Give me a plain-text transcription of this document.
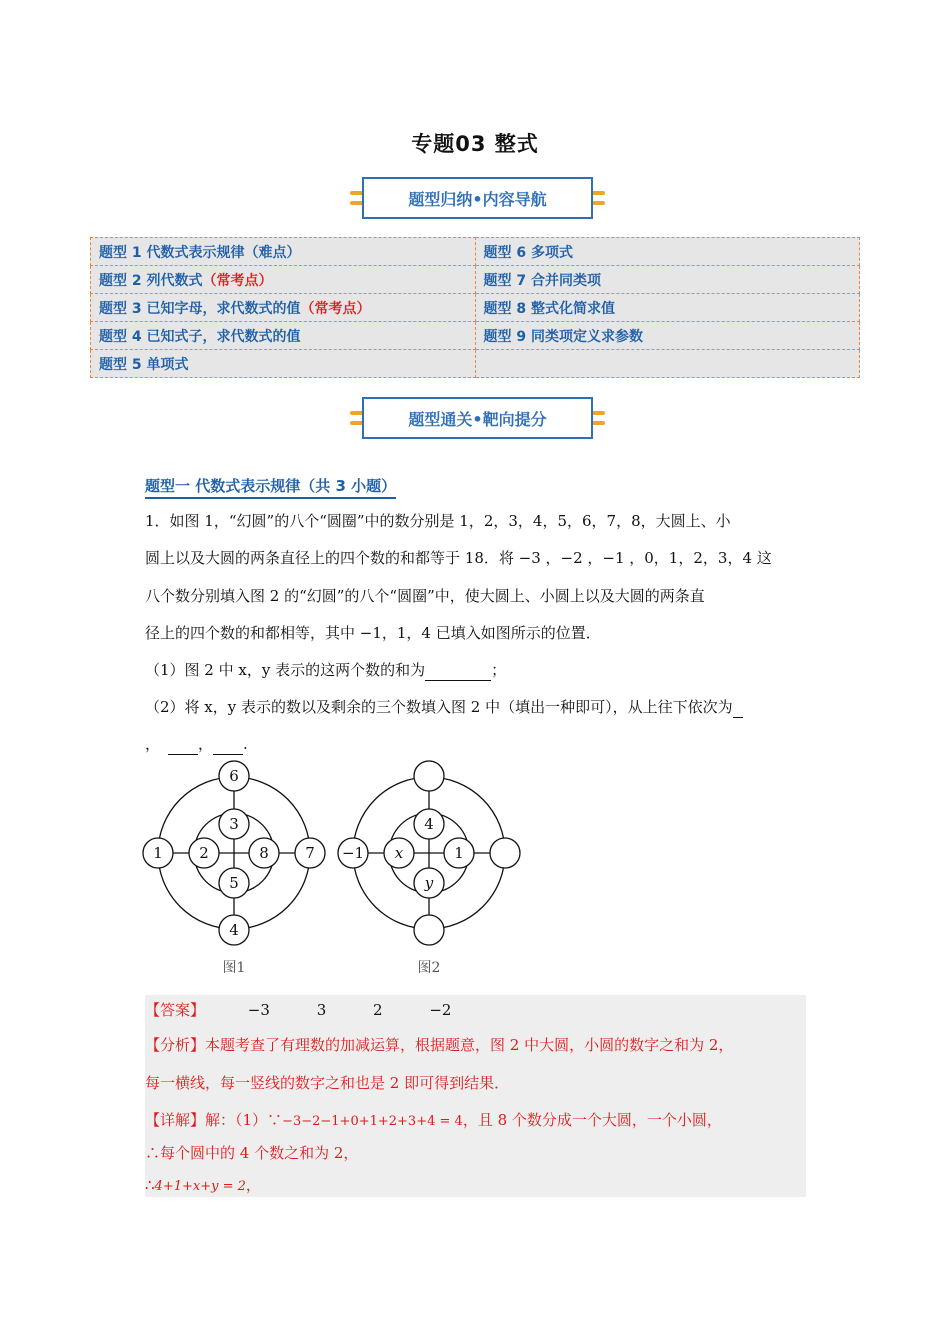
专题03 整式
题型归纳•内容导航
题型 1 代数式表示规律（难点）	题型 6 多项式
题型 2 列代数式（常考点）	题型 7 合并同类项
题型 3 已知字母，求代数式的值（常考点）	题型 8 整式化简求值
题型 4 已知式子，求代数式的值	题型 9 同类项定义求参数
题型 5 单项式	
题型通关•靶向提分
题型一 代数式表示规律（共 3 小题）
1．如图 1，“幻圆”的八个“圆圈”中的数分别是 1，2，3，4，5，6，7，8，大圆上、小
圆上以及大圆的两条直径上的四个数的和都等于 18．将 −3 ，−2 ，−1 ，0，1，2，3，4 这
八个数分别填入图 2 的“幻圆”的八个“圆圈”中，使大圆上、小圆上以及大圆的两条直
径上的四个数的和都相等，其中 −1，1，4 已填入如图所示的位置．
（1）图 2 中 x，y 表示的这两个数的和为	；
（2）将 x，y 表示的数以及剩余的三个数填入图 2 中（填出一种即可），从上往下依次为
，	， .
6
1	7
4
3
2	8
5
图1
−1
4
x	1
y
图2
【答案】	−3	3	2	−2
【分析】本题考查了有理数的加减运算，根据题意，图 2 中大圆，小圆的数字之和为 2，
每一横线，每一竖线的数字之和也是 2 即可得到结果．
【详解】解：（1）∵−3−2−1+0+1+2+3+4 = 4，且 8 个数分成一个大圆，一个小圆，
∴每个圆中的 4 个数之和为 2，
∴4+1+x+y = 2，
